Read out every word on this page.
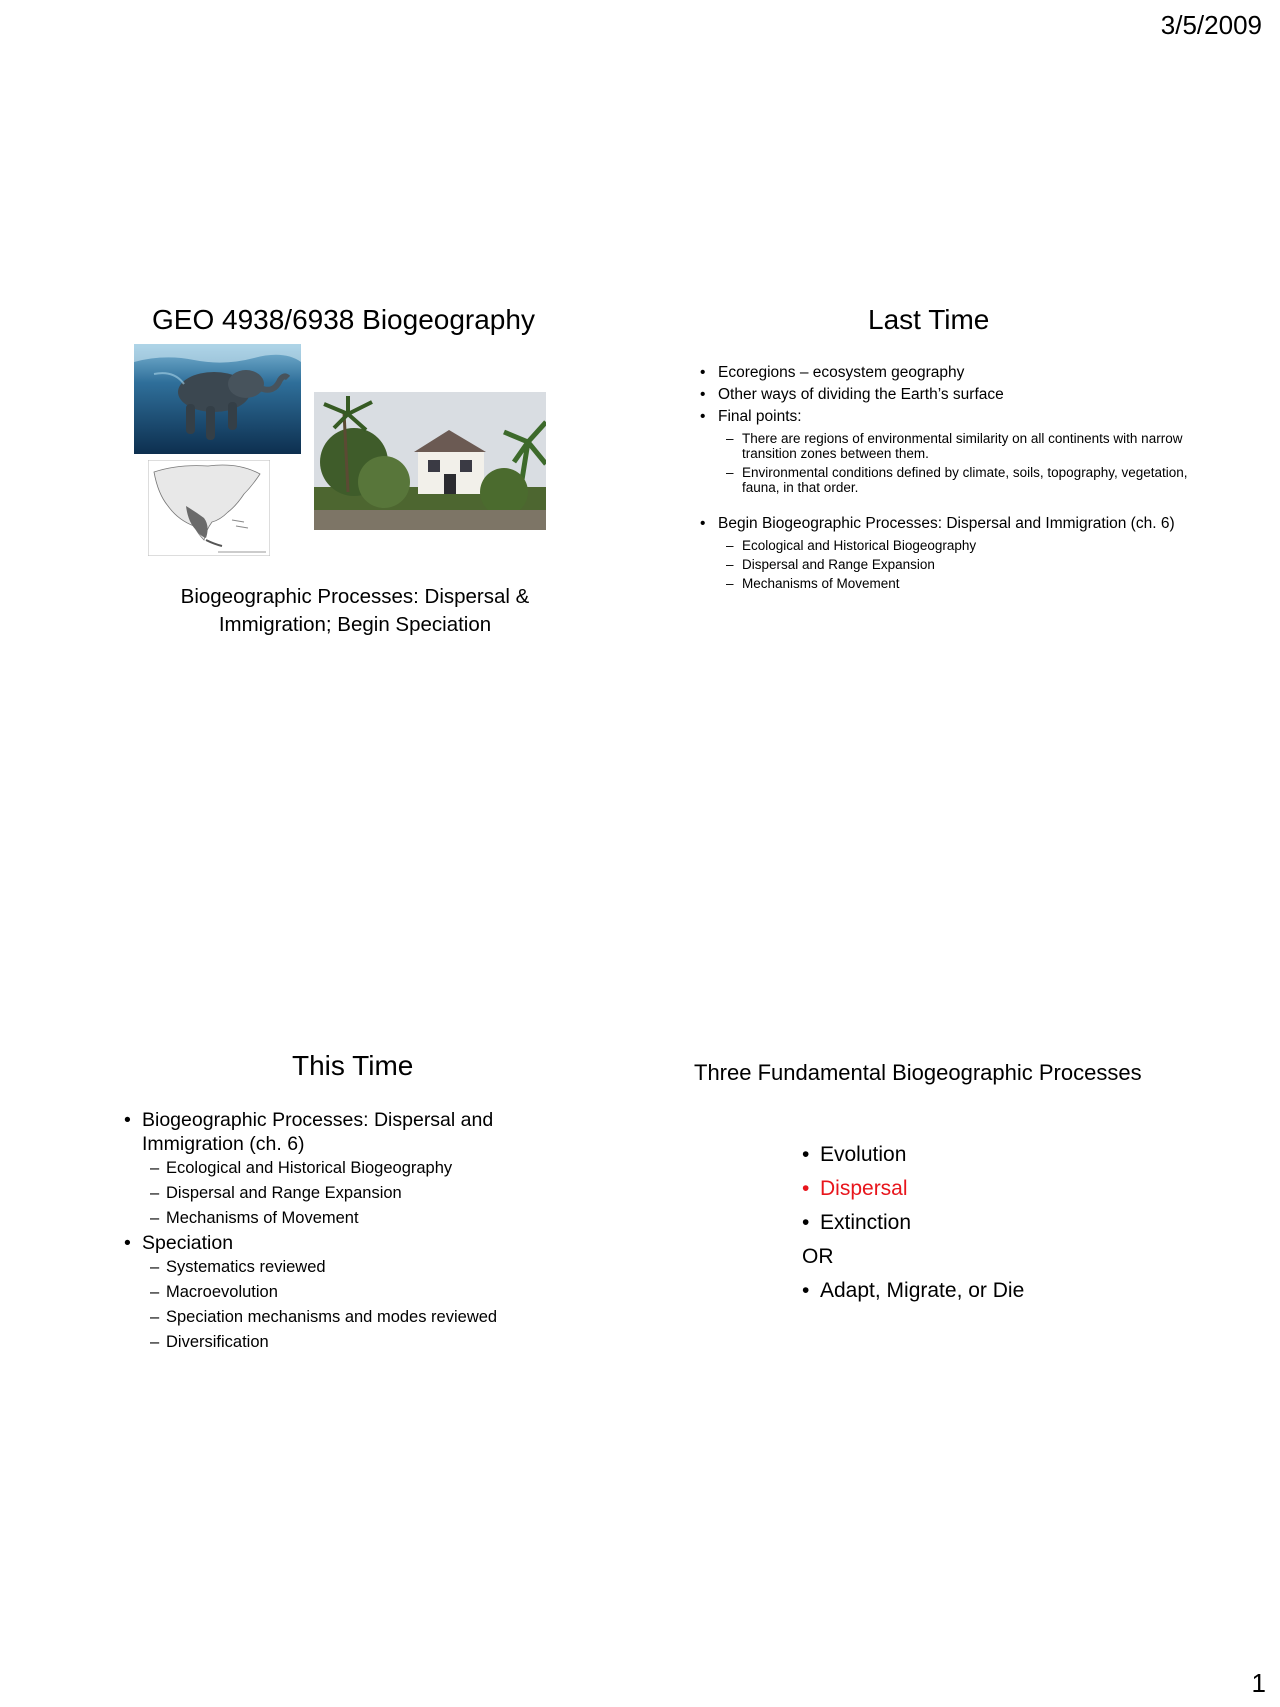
3/5/2009
GEO 4938/6938 Biogeography
Biogeographic Processes: Dispersal &
Immigration; Begin Speciation
Last Time
• Ecoregions – ecosystem geography
• Other ways of dividing the Earth’s surface
• Final points:
– There are regions of environmental similarity on all continents with narrow transition zones between them.
– Environmental conditions defined by climate, soils, topography, vegetation, fauna, in that order.
• Begin Biogeographic Processes: Dispersal and Immigration (ch. 6)
– Ecological and Historical Biogeography
– Dispersal and Range Expansion
– Mechanisms of Movement
This Time
• Biogeographic Processes: Dispersal and Immigration (ch. 6)
– Ecological and Historical Biogeography
– Dispersal and Range Expansion
– Mechanisms of Movement
• Speciation
– Systematics reviewed
– Macroevolution
– Speciation mechanisms and modes reviewed
– Diversification
Three Fundamental Biogeographic Processes
• Evolution
• Dispersal
• Extinction
OR
• Adapt, Migrate, or Die
1
